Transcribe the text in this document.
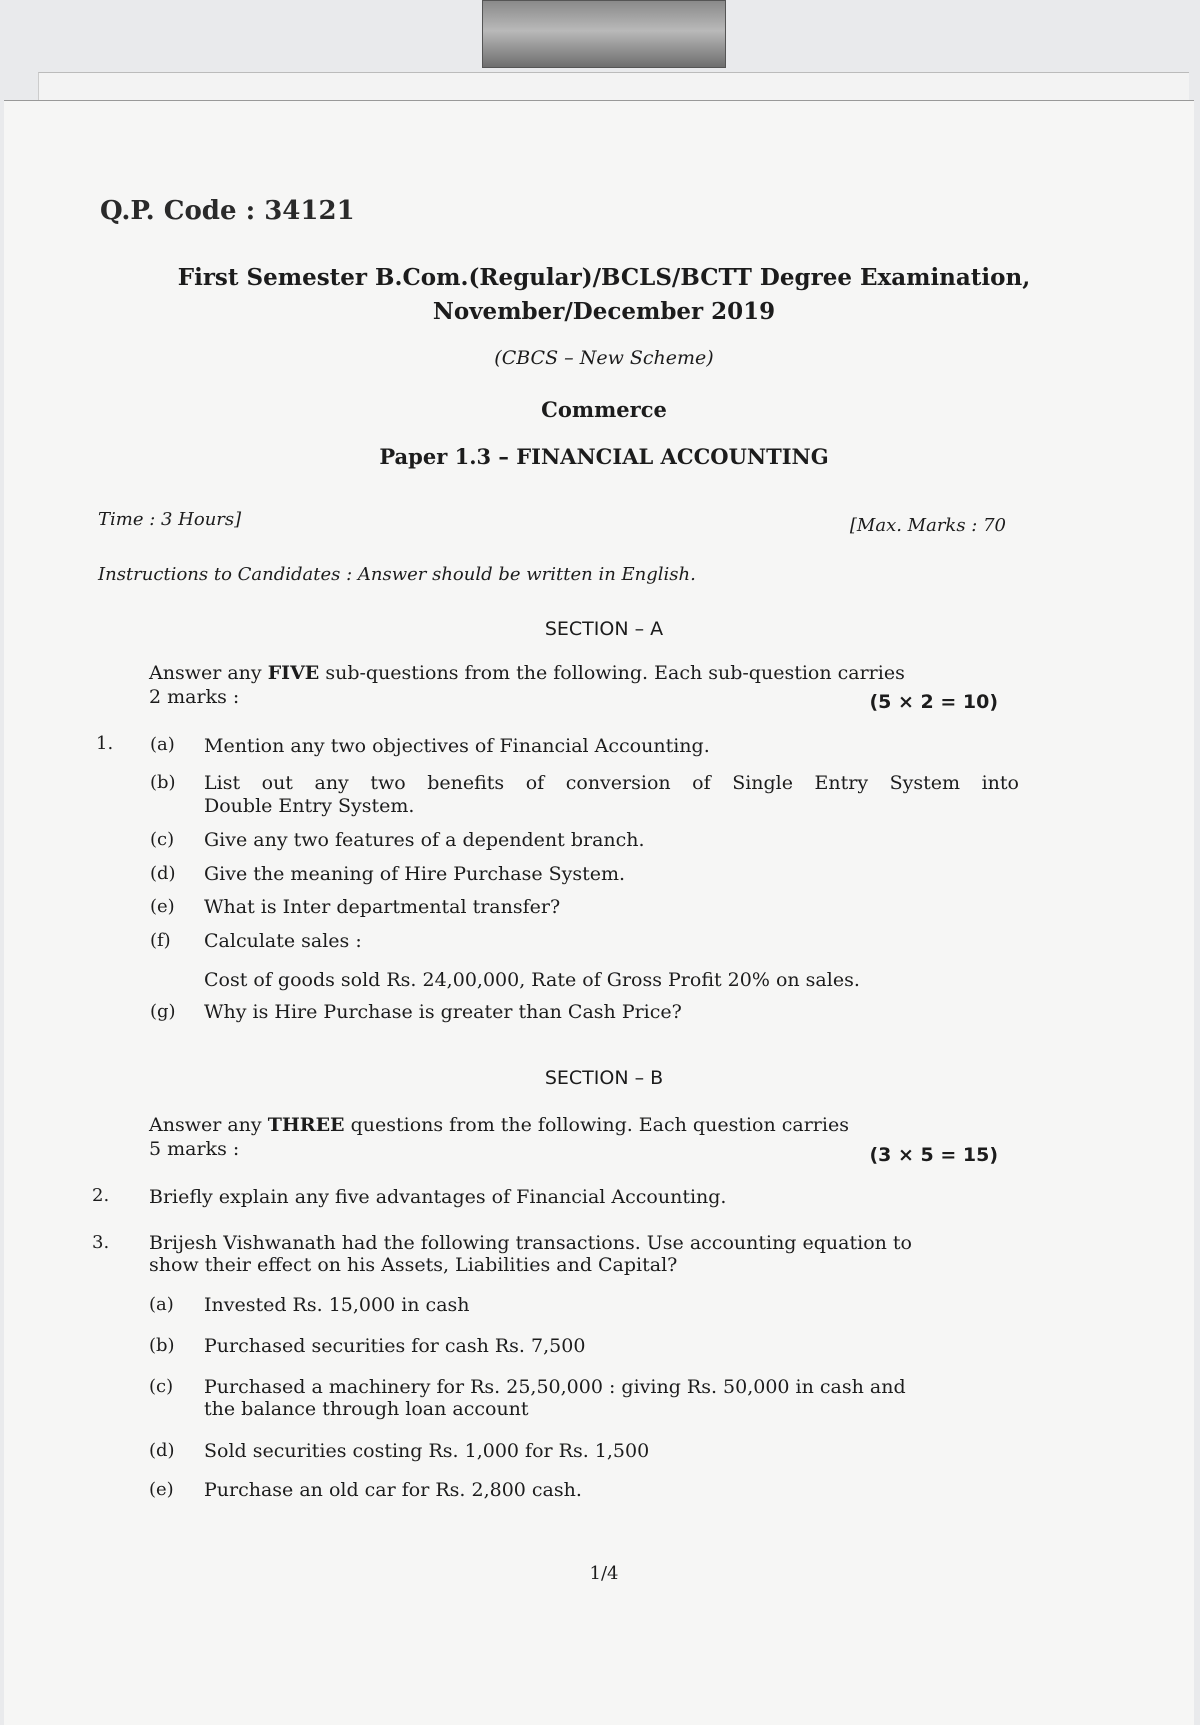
Q.P. Code : 34121
First Semester B.Com.(Regular)/BCLS/BCTT Degree Examination,
November/December 2019
(CBCS – New Scheme)
Commerce
Paper 1.3 – FINANCIAL ACCOUNTING
Time : 3 Hours]	[Max. Marks : 70
Instructions to Candidates : Answer should be written in English.
SECTION – A
Answer any FIVE sub-questions from the following. Each sub-question carries
2 marks :	(5 × 2 = 10)
1. (a) Mention any two objectives of Financial Accounting.
(b) List out any two benefits of conversion of Single Entry System into
Double Entry System.
(c) Give any two features of a dependent branch.
(d) Give the meaning of Hire Purchase System.
(e) What is Inter departmental transfer?
(f) Calculate sales :
Cost of goods sold Rs. 24,00,000, Rate of Gross Profit 20% on sales.
(g) Why is Hire Purchase is greater than Cash Price?
SECTION – B
Answer any THREE questions from the following. Each question carries
5 marks :	(3 × 5 = 15)
2. Briefly explain any five advantages of Financial Accounting.
3. Brijesh Vishwanath had the following transactions. Use accounting equation to
show their effect on his Assets, Liabilities and Capital?
(a) Invested Rs. 15,000 in cash
(b) Purchased securities for cash Rs. 7,500
(c) Purchased a machinery for Rs. 25,50,000 : giving Rs. 50,000 in cash and
the balance through loan account
(d) Sold securities costing Rs. 1,000 for Rs. 1,500
(e) Purchase an old car for Rs. 2,800 cash.
1/4
